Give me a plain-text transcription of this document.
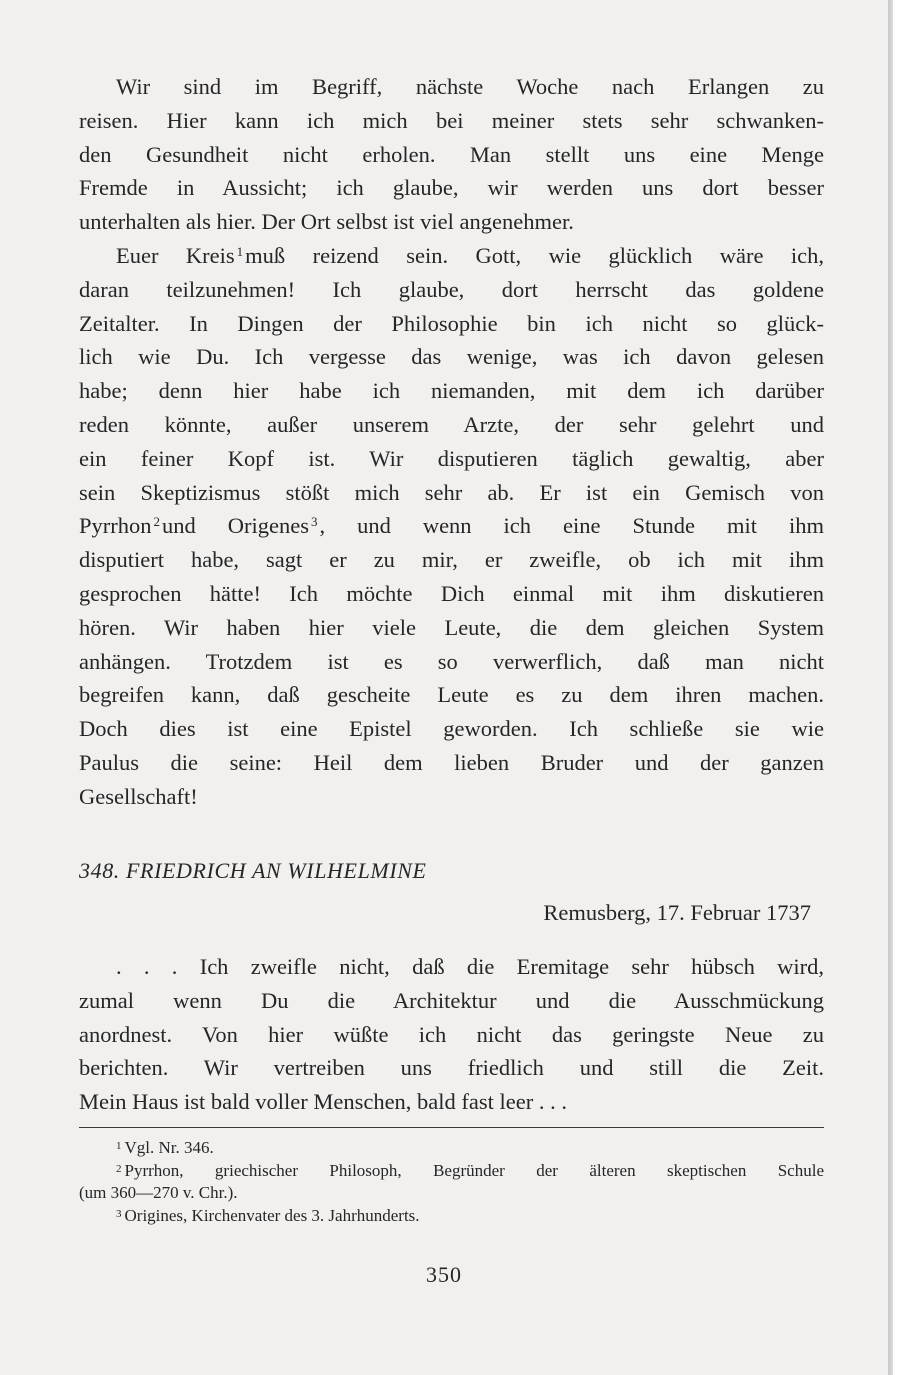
Wir sind im Begriff, nächste Woche nach Erlangen zu
reisen. Hier kann ich mich bei meiner stets sehr schwanken-
den Gesundheit nicht erholen. Man stellt uns eine Menge
Fremde in Aussicht; ich glaube, wir werden uns dort besser
unterhalten als hier. Der Ort selbst ist viel angenehmer.
Euer Kreis $^1$muß reizend sein. Gott, wie glücklich wäre ich,
daran teilzunehmen! Ich glaube, dort herrscht das goldene
Zeitalter. In Dingen der Philosophie bin ich nicht so glück-
lich wie Du. Ich vergesse das wenige, was ich davon gelesen
habe; denn hier habe ich niemanden, mit dem ich darüber
reden könnte, außer unserem Arzte, der sehr gelehrt und
ein feiner Kopf ist. Wir disputieren täglich gewaltig, aber
sein Skeptizismus stößt mich sehr ab. Er ist ein Gemisch von
Pyrrhon $^2$und Origenes $^3$, und wenn ich eine Stunde mit ihm
disputiert habe, sagt er zu mir, er zweifle, ob ich mit ihm
gesprochen hätte! Ich möchte Dich einmal mit ihm diskutieren
hören. Wir haben hier viele Leute, die dem gleichen System
anhängen. Trotzdem ist es so verwerflich, daß man nicht
begreifen kann, daß gescheite Leute es zu dem ihren machen.
Doch dies ist eine Epistel geworden. Ich schließe sie wie
Paulus die seine: Heil dem lieben Bruder und der ganzen
Gesellschaft!
348. FRIEDRICH AN WILHELMINE
Remusberg, 17. Februar 1737
. . . Ich zweifle nicht, daß die Eremitage sehr hübsch wird,
zumal wenn Du die Architektur und die Ausschmückung
anordnest. Von hier wüßte ich nicht das geringste Neue zu
berichten. Wir vertreiben uns friedlich und still die Zeit.
Mein Haus ist bald voller Menschen, bald fast leer . . .
$^1$ Vgl. Nr. 346.
$^2$ Pyrrhon, griechischer Philosoph, Begründer der älteren skeptischen Schule
(um 360—270 v. Chr.).
$^3$ Origines, Kirchenvater des 3. Jahrhunderts.
350
